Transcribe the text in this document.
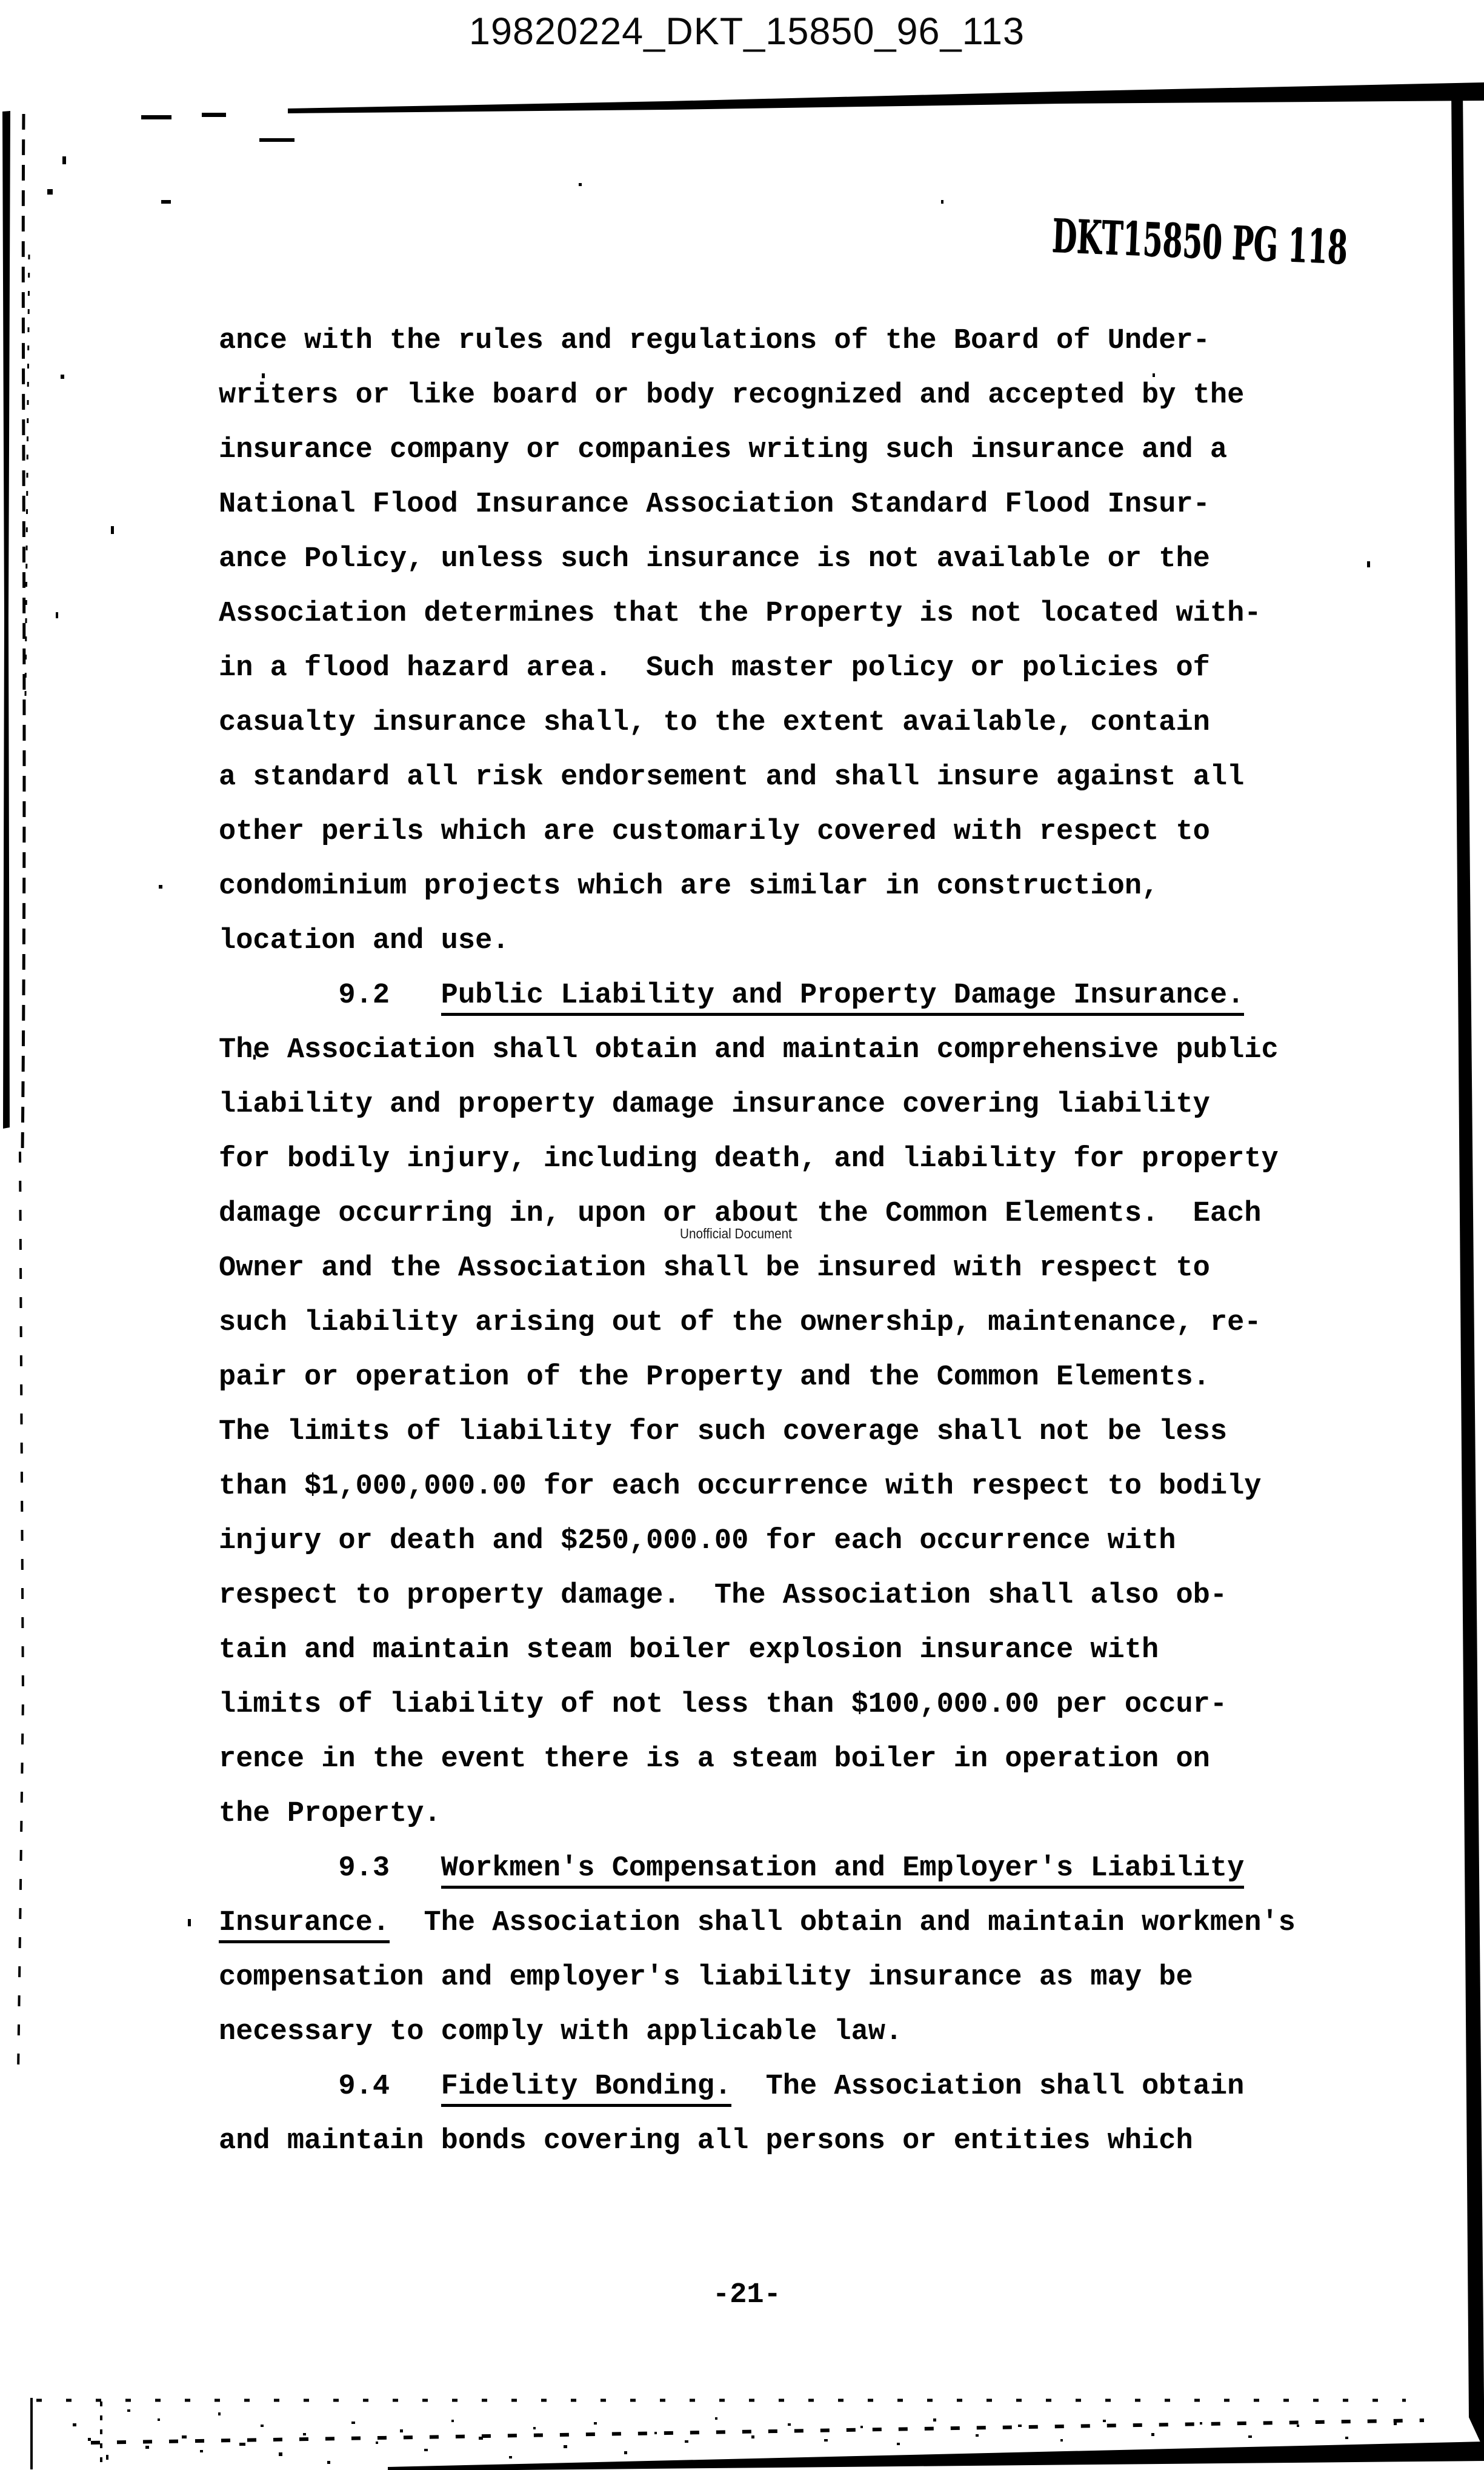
19820224_DKT_15850_96_113
DKT15850 PG 118
ance with the rules and regulations of the Board of Under-
writers or like board or body recognized and accepted by the
insurance company or companies writing such insurance and a
National Flood Insurance Association Standard Flood Insur-
ance Policy, unless such insurance is not available or the
Association determines that the Property is not located with-
in a flood hazard area.  Such master policy or policies of
casualty insurance shall, to the extent available, contain
a standard all risk endorsement and shall insure against all
other perils which are customarily covered with respect to
condominium projects which are similar in construction,
location and use.
9.2   Public Liability and Property Damage Insurance.
The Association shall obtain and maintain comprehensive public
liability and property damage insurance covering liability
for bodily injury, including death, and liability for property
damage occurring in, upon or about the Common Elements.  Each
Owner and the Association shall be insured with respect to
such liability arising out of the ownership, maintenance, re-
pair or operation of the Property and the Common Elements.
The limits of liability for such coverage shall not be less
than $1,000,000.00 for each occurrence with respect to bodily
injury or death and $250,000.00 for each occurrence with
respect to property damage.  The Association shall also ob-
tain and maintain steam boiler explosion insurance with
limits of liability of not less than $100,000.00 per occur-
rence in the event there is a steam boiler in operation on
the Property.
9.3   Workmen's Compensation and Employer's Liability
Insurance.  The Association shall obtain and maintain workmen's
compensation and employer's liability insurance as may be
necessary to comply with applicable law.
9.4   Fidelity Bonding.  The Association shall obtain
and maintain bonds covering all persons or entities which
Unofficial Document
-21-
